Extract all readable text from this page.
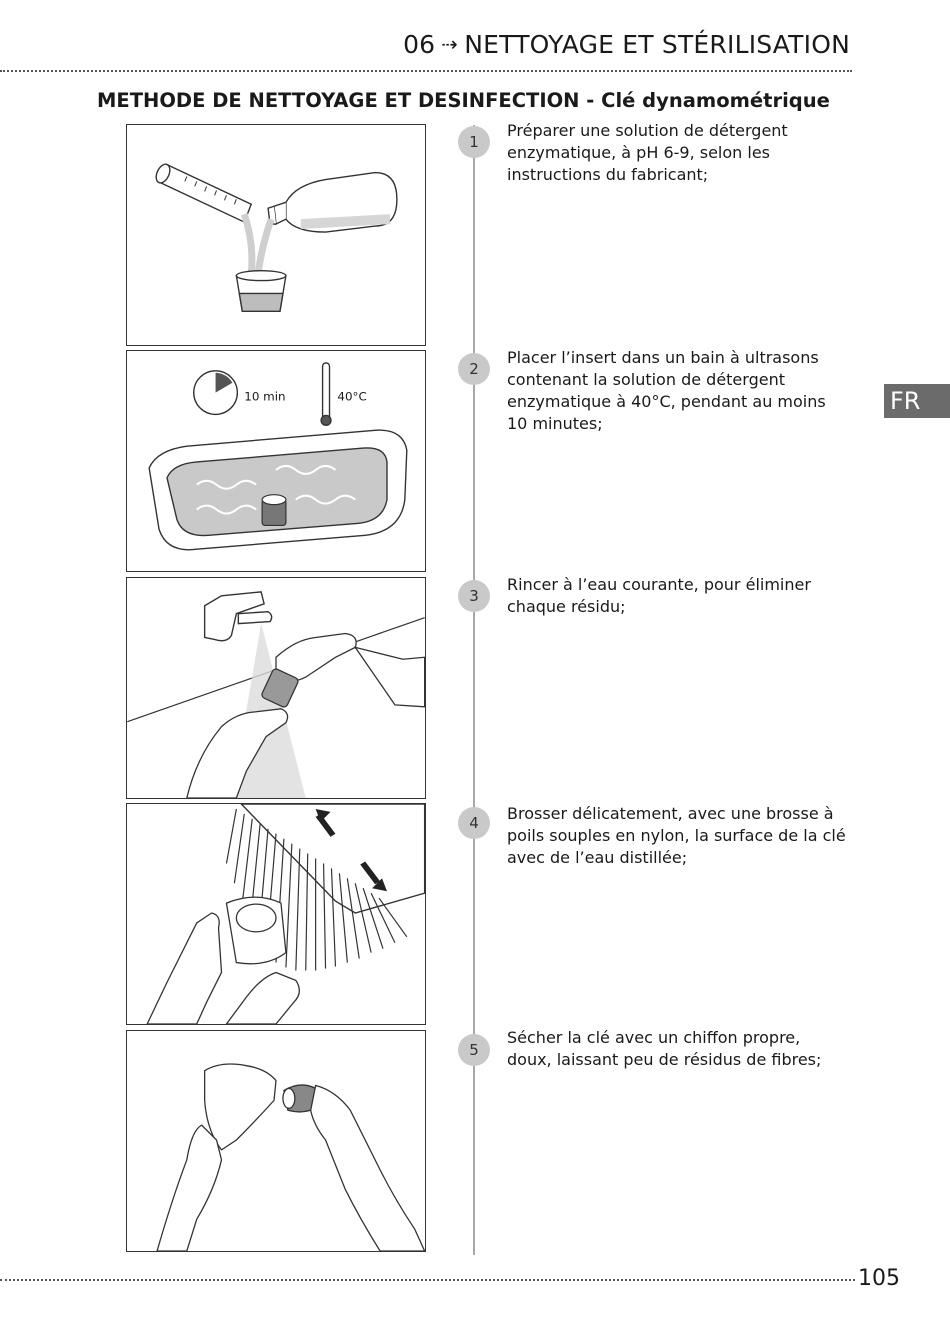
06 ⇢ NETTOYAGE ET STÉRILISATION
METHODE DE NETTOYAGE ET DESINFECTION - Clé dynamométrique
FR
10 min	40°C
1
Préparer une solution de détergent enzymatique, à pH 6-9, selon les instructions du fabricant;
2
Placer l’insert dans un bain à ultrasons contenant la solution de détergent enzymatique à 40°C, pendant au moins 10 minutes;
3
Rincer à l’eau courante, pour éliminer chaque résidu;
4	Brosser délicatement, avec une brosse à poils souples en nylon, la surface de la clé avec de l’eau distillée;
5
Sécher la clé avec un chiffon propre, doux, laissant peu de résidus de fibres;
105
